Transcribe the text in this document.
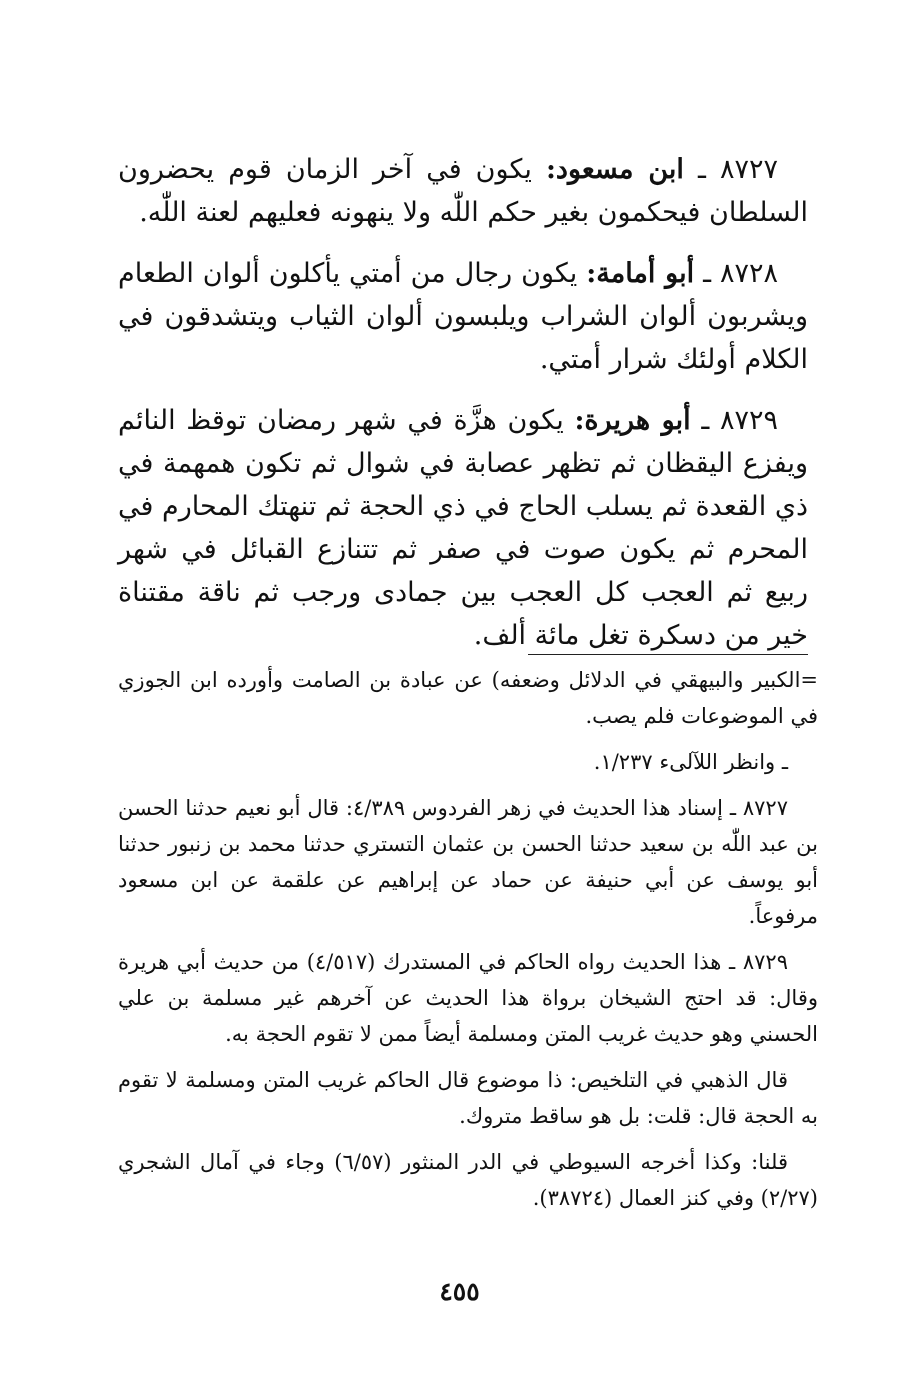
٨٧٢٧ ـ ابن مسعود: يكون في آخر الزمان قوم يحضرون السلطان فيحكمون بغير حكم اللّٰه ولا ينهونه فعليهم لعنة اللّٰه.

٨٧٢٨ ـ أبو أمامة: يكون رجال من أمتي يأكلون ألوان الطعام ويشربون ألوان الشراب ويلبسون ألوان الثياب ويتشدقون في الكلام أولئك شرار أمتي.

٨٧٢٩ ـ أبو هريرة: يكون هزَّة في شهر رمضان توقظ النائم ويفزع اليقظان ثم تظهر عصابة في شوال ثم تكون همهمة في ذي القعدة ثم يسلب الحاج في ذي الحجة ثم تنهتك المحارم في المحرم ثم يكون صوت في صفر ثم تتنازع القبائل في شهر ربيع ثم العجب كل العجب بين جمادى ورجب ثم ناقة مقتناة خير من دسكرة تغل مائة ألف.

=الكبير والبيهقي في الدلائل وضعفه) عن عبادة بن الصامت وأورده ابن الجوزي في الموضوعات فلم يصب.

ـ وانظر اللآلىء ١/٢٣٧.

٨٧٢٧ ـ إسناد هذا الحديث في زهر الفردوس ٤/٣٨٩: قال أبو نعيم حدثنا الحسن بن عبد اللّٰه بن سعيد حدثنا الحسن بن عثمان التستري حدثنا محمد بن زنبور حدثنا أبو يوسف عن أبي حنيفة عن حماد عن إبراهيم عن علقمة عن ابن مسعود مرفوعاً.

٨٧٢٩ ـ هذا الحديث رواه الحاكم في المستدرك (٤/٥١٧) من حديث أبي هريرة وقال: قد احتج الشيخان برواة هذا الحديث عن آخرهم غير مسلمة بن علي الحسني وهو حديث غريب المتن ومسلمة أيضاً ممن لا تقوم الحجة به.

قال الذهبي في التلخيص: ذا موضوع قال الحاكم غريب المتن ومسلمة لا تقوم به الحجة قال: قلت: بل هو ساقط متروك.

قلنا: وكذا أخرجه السيوطي في الدر المنثور (٦/٥٧) وجاء في آمال الشجري (٢/٢٧) وفي كنز العمال (٣٨٧٢٤).

٤٥٥
